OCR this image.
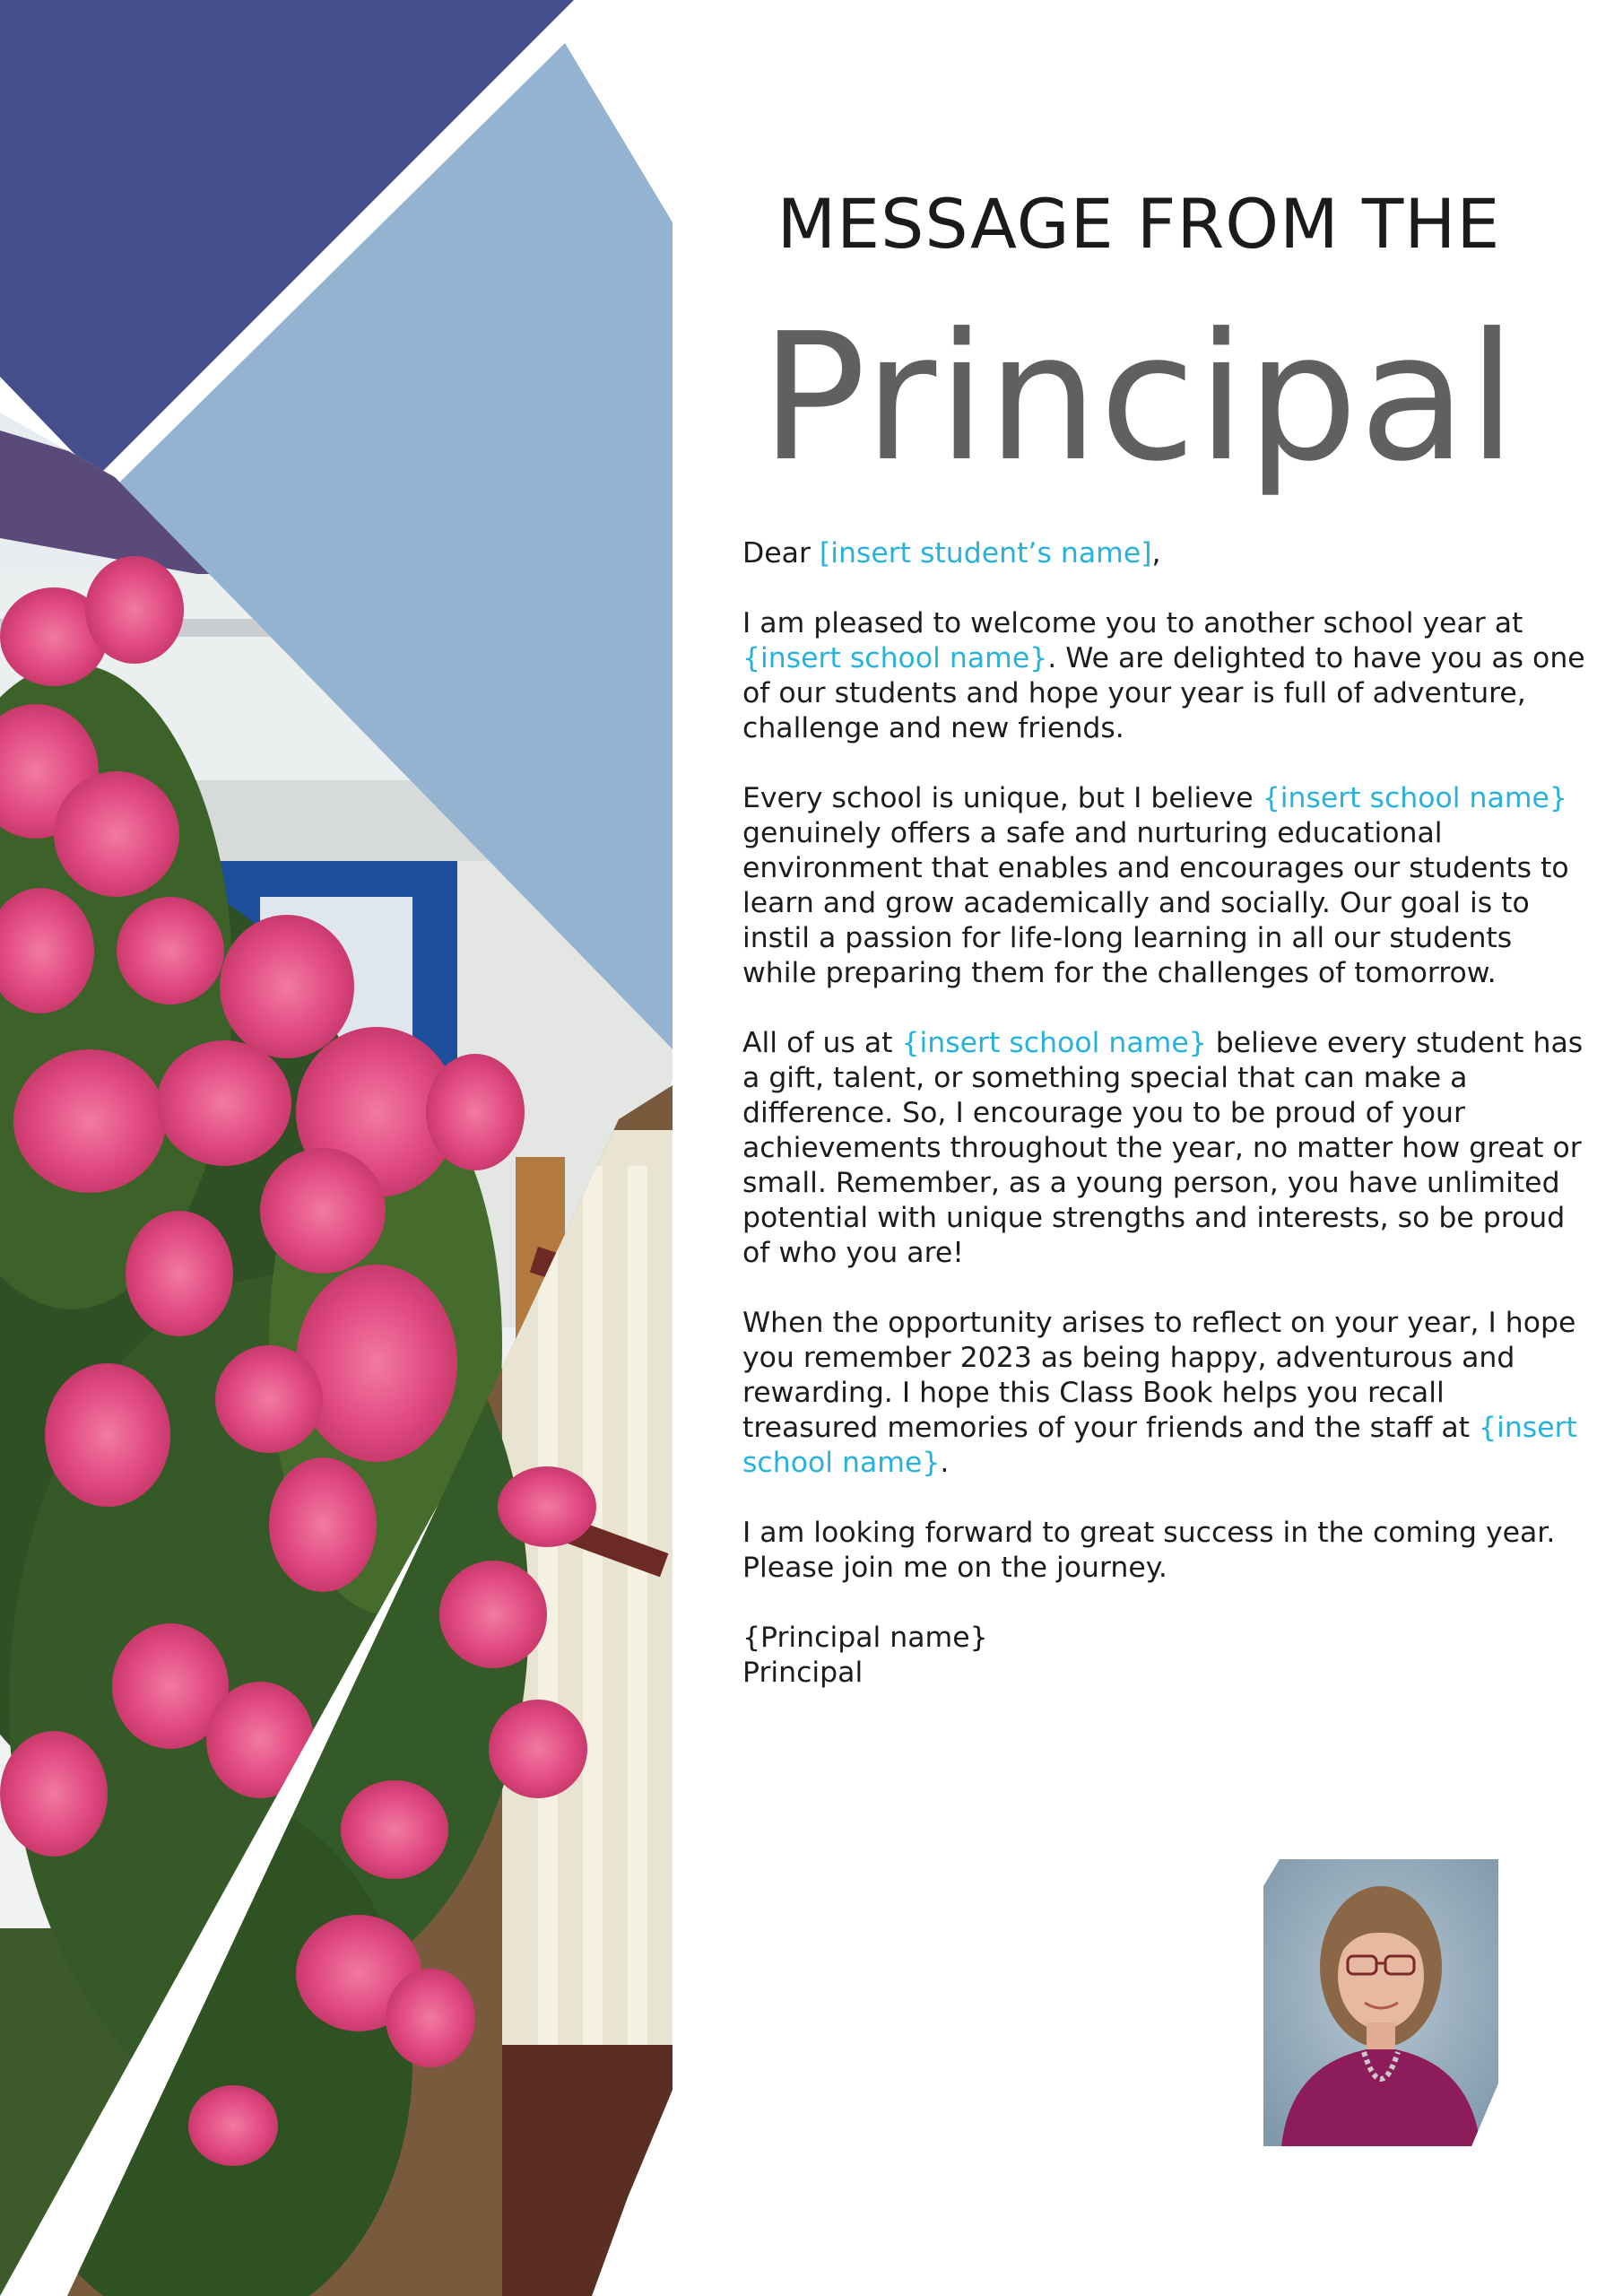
MESSAGE FROM THE
Principal

Dear [insert student’s name],

I am pleased to welcome you to another school year at {insert school name}. We are delighted to have you as one of our students and hope your year is full of adventure, challenge and new friends.

Every school is unique, but I believe {insert school name} genuinely offers a safe and nurturing educational environment that enables and encourages our students to learn and grow academically and socially. Our goal is to instil a passion for life-long learning in all our students while preparing them for the challenges of tomorrow.

All of us at {insert school name} believe every student has a gift, talent, or something special that can make a difference. So, I encourage you to be proud of your achievements throughout the year, no matter how great or small. Remember, as a young person, you have unlimited potential with unique strengths and interests, so be proud of who you are!

When the opportunity arises to reflect on your year, I hope you remember 2023 as being happy, adventurous and rewarding. I hope this Class Book helps you recall treasured memories of your friends and the staff at {insert school name}.

I am looking forward to great success in the coming year. Please join me on the journey.

{Principal name}
Principal
